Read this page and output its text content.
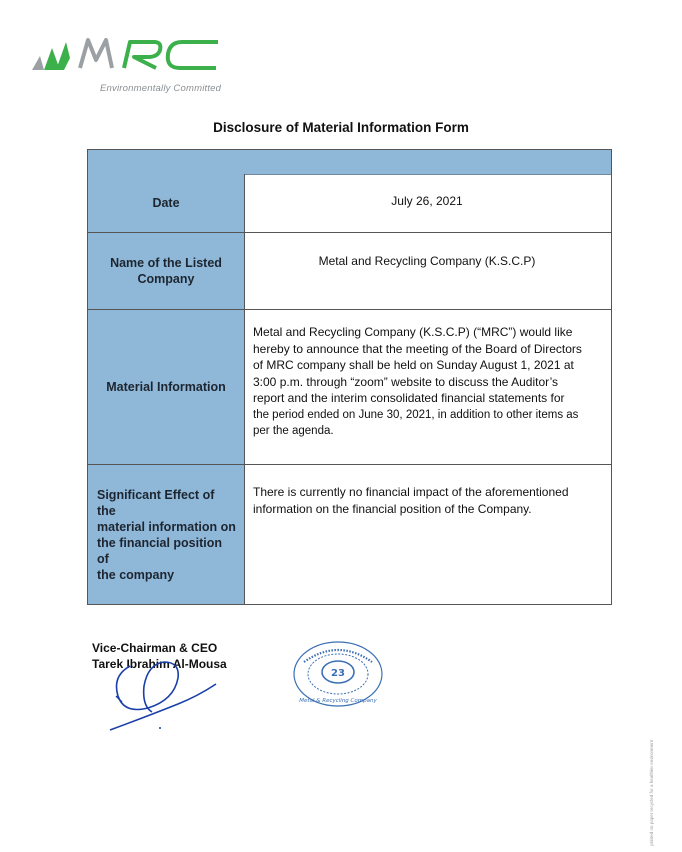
Environmentally Committed
Disclosure of Material Information Form
Date	July 26, 2021
Name of the Listed Company
Metal and Recycling Company (K.S.C.P)
Material Information
Metal and Recycling Company (K.S.C.P) (“MRC”) would like
hereby to announce that the meeting of the Board of Directors
of MRC company shall be held on Sunday August 1, 2021 at
3:00 p.m. through “zoom” website to discuss the Auditor’s
report and the interim consolidated financial statements for
the period ended on June 30, 2021, in addition to other items as
per the agenda.
Significant Effect of the
material information on
the financial position of
the company
There is currently no financial impact of the aforementioned
information on the financial position of the Company.
Vice-Chairman & CEO
Tarek Ibrahim Al-Mousa
23
Metal & Recycling Company
printed on paper recycled for a healthier environment
